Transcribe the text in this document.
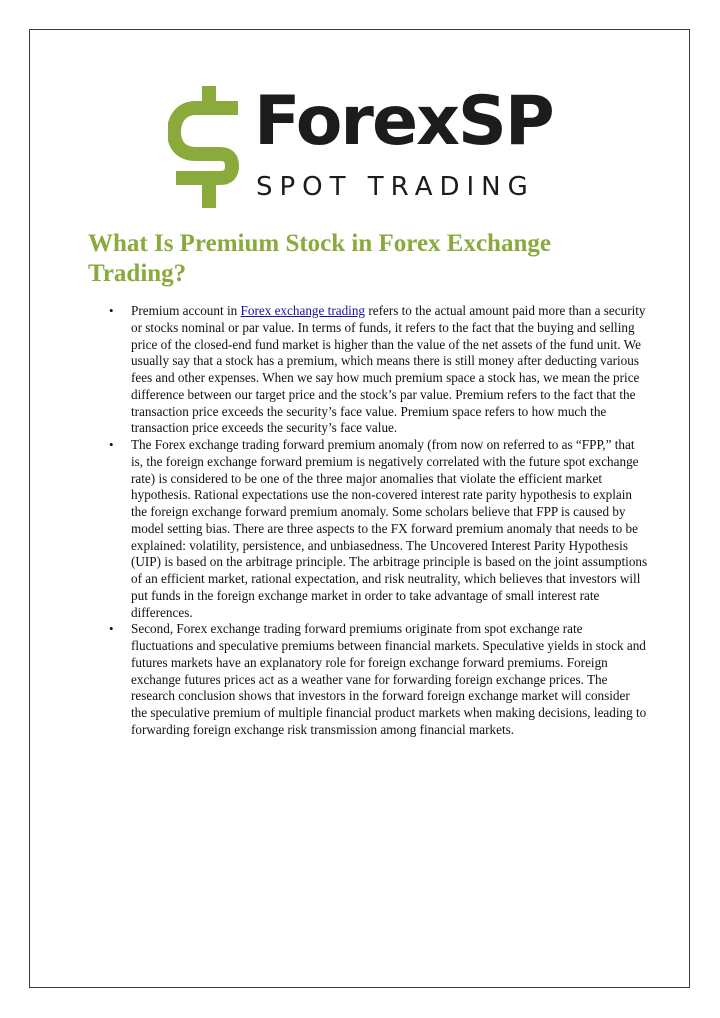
ForexSP
SPOT TRADING
What Is Premium Stock in Forex Exchange Trading?
• Premium account in Forex exchange trading refers to the actual amount paid more than a security or stocks nominal or par value. In terms of funds, it refers to the fact that the buying and selling price of the closed-end fund market is higher than the value of the net assets of the fund unit. We usually say that a stock has a premium, which means there is still money after deducting various fees and other expenses. When we say how much premium space a stock has, we mean the price difference between our target price and the stock’s par value. Premium refers to the fact that the transaction price exceeds the security’s face value. Premium space refers to how much the transaction price exceeds the security’s face value.
• The Forex exchange trading forward premium anomaly (from now on referred to as “FPP,” that is, the foreign exchange forward premium is negatively correlated with the future spot exchange rate) is considered to be one of the three major anomalies that violate the efficient market hypothesis. Rational expectations use the non-covered interest rate parity hypothesis to explain the foreign exchange forward premium anomaly. Some scholars believe that FPP is caused by model setting bias. There are three aspects to the FX forward premium anomaly that needs to be explained: volatility, persistence, and unbiasedness. The Uncovered Interest Parity Hypothesis (UIP) is based on the arbitrage principle. The arbitrage principle is based on the joint assumptions of an efficient market, rational expectation, and risk neutrality, which believes that investors will put funds in the foreign exchange market in order to take advantage of small interest rate differences.
• Second, Forex exchange trading forward premiums originate from spot exchange rate fluctuations and speculative premiums between financial markets. Speculative yields in stock and futures markets have an explanatory role for foreign exchange forward premiums. Foreign exchange futures prices act as a weather vane for forwarding foreign exchange prices. The research conclusion shows that investors in the forward foreign exchange market will consider the speculative premium of multiple financial product markets when making decisions, leading to forwarding foreign exchange risk transmission among financial markets.
